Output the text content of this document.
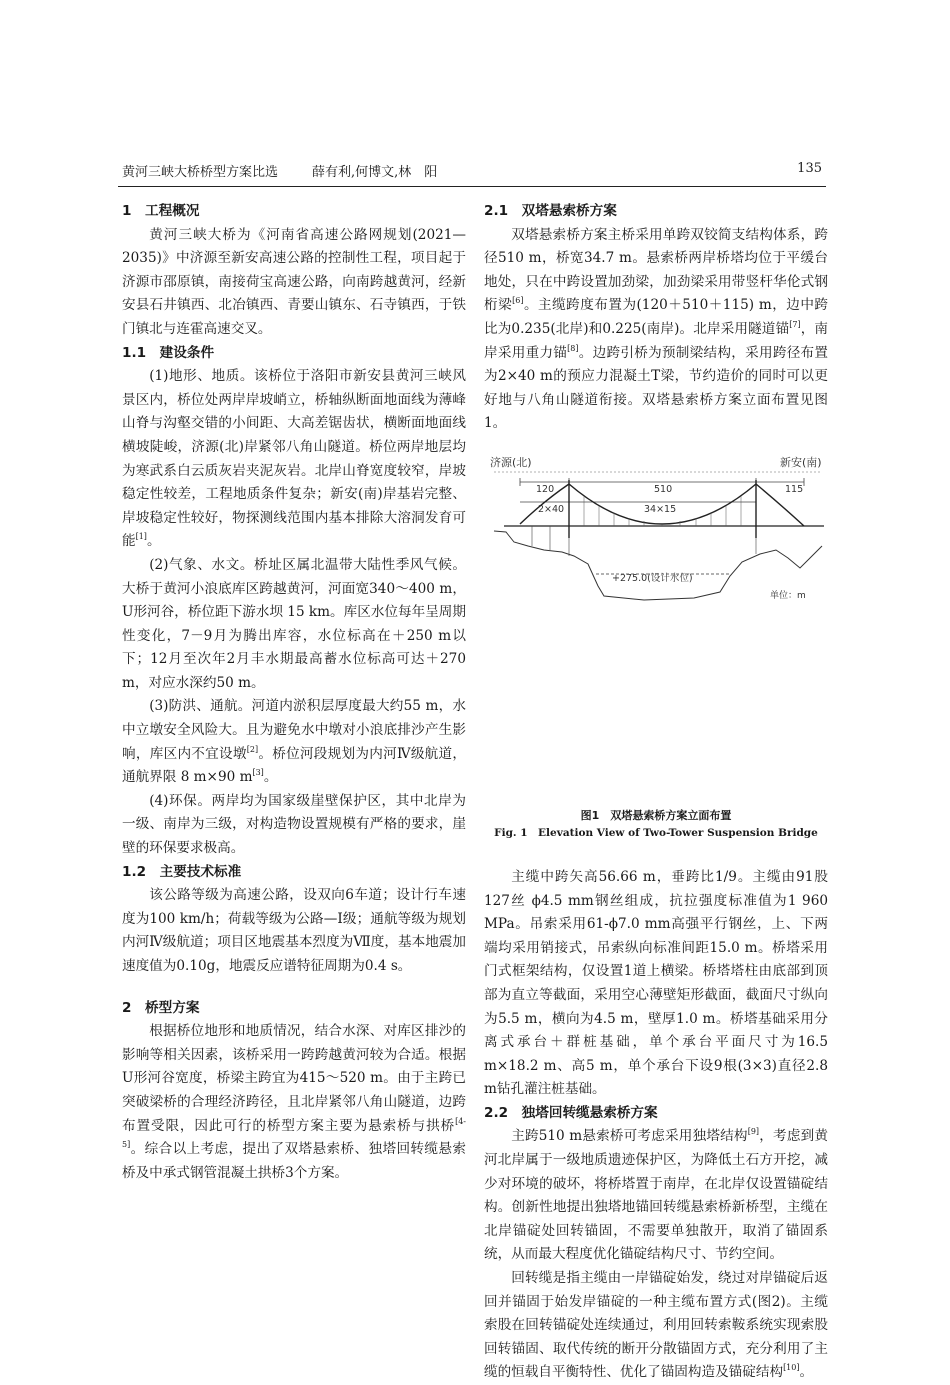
黄河三峡大桥桥型方案比选	薛有利,何博文,林　阳	135
1　工程概况

黄河三峡大桥为《河南省高速公路网规划(2021—2035)》中济源至新安高速公路的控制性工程，项目起于济源市邵原镇，南接荷宝高速公路，向南跨越黄河，经新安县石井镇西、北冶镇西、青要山镇东、石寺镇西，于铁门镇北与连霍高速交叉。

1.1　建设条件

(1)地形、地质。该桥位于洛阳市新安县黄河三峡风景区内，桥位处两岸岸坡峭立，桥轴纵断面地面线为薄峰山脊与沟壑交错的小间距、大高差锯齿状，横断面地面线横坡陡峻，济源(北)岸紧邻八角山隧道。桥位两岸地层均为寒武系白云质灰岩夹泥灰岩。北岸山脊宽度较窄，岸坡稳定性较差，工程地质条件复杂；新安(南)岸基岩完整、岸坡稳定性较好，物探测线范围内基本排除大溶洞发育可能[1]。

(2)气象、水文。桥址区属北温带大陆性季风气候。大桥于黄河小浪底库区跨越黄河，河面宽340～400 m，U形河谷，桥位距下游水坝 15 km。库区水位每年呈周期性变化，7－9月为腾出库容，水位标高在＋250 m以下；12月至次年2月丰水期最高蓄水位标高可达＋270 m，对应水深约50 m。

(3)防洪、通航。河道内淤积层厚度最大约55 m，水中立墩安全风险大。且为避免水中墩对小浪底排沙产生影响，库区内不宜设墩[2]。桥位河段规划为内河Ⅳ级航道，通航界限 8 m×90 m[3]。

(4)环保。两岸均为国家级崖壁保护区，其中北岸为一级、南岸为三级，对构造物设置规模有严格的要求，崖壁的环保要求极高。

1.2　主要技术标准

该公路等级为高速公路，设双向6车道；设计行车速度为100 km/h；荷载等级为公路—Ⅰ级；通航等级为规划内河Ⅳ级航道；项目区地震基本烈度为Ⅶ度，基本地震加速度值为0.10g，地震反应谱特征周期为0.4 s。

2　桥型方案

根据桥位地形和地质情况，结合水深、对库区排沙的影响等相关因素，该桥采用一跨跨越黄河较为合适。根据U形河谷宽度，桥梁主跨宜为415～520 m。由于主跨已突破梁桥的合理经济跨径，且北岸紧邻八角山隧道，边跨布置受限，因此可行的桥型方案主要为悬索桥与拱桥[4-5]。综合以上考虑，提出了双塔悬索桥、独塔回转缆悬索桥及中承式钢管混凝土拱桥3个方案。

2.1　双塔悬索桥方案

双塔悬索桥方案主桥采用单跨双铰简支结构体系，跨径510 m，桥宽34.7 m。悬索桥两岸桥塔均位于平缓台地处，只在中跨设置加劲梁，加劲梁采用带竖杆华伦式钢桁梁[6]。主缆跨度布置为(120＋510＋115) m，边中跨比为0.235(北岸)和0.225(南岸)。北岸采用隧道锚[7]，南岸采用重力锚[8]。边跨引桥为预制梁结构，采用跨径布置为2×40 m的预应力混凝土T梁，节约造价的同时可以更好地与八角山隧道衔接。双塔悬索桥方案立面布置见图1。

济源(北)	新安(南)
120	510	115
2×40	34×15
+275.0(设计水位)
单位：m
图1　双塔悬索桥方案立面布置
Fig. 1　Elevation View of Two-Tower Suspension Bridge

主缆中跨矢高56.66 m，垂跨比1/9。主缆由91股127丝 ϕ4.5 mm钢丝组成，抗拉强度标准值为1 960 MPa。吊索采用61-ϕ7.0 mm高强平行钢丝，上、下两端均采用销接式，吊索纵向标准间距15.0 m。桥塔采用门式框架结构，仅设置1道上横梁。桥塔塔柱由底部到顶部为直立等截面，采用空心薄壁矩形截面，截面尺寸纵向为5.5 m，横向为4.5 m，壁厚1.0 m。桥塔基础采用分离式承台＋群桩基础，单个承台平面尺寸为16.5 m×18.2 m、高5 m，单个承台下设9根(3×3)直径2.8 m钻孔灌注桩基础。

2.2　独塔回转缆悬索桥方案

主跨510 m悬索桥可考虑采用独塔结构[9]，考虑到黄河北岸属于一级地质遗迹保护区，为降低土石方开挖，减少对环境的破坏，将桥塔置于南岸，在北岸仅设置锚碇结构。创新性地提出独塔地锚回转缆悬索桥新桥型，主缆在北岸锚碇处回转锚固，不需要单独散开，取消了锚固系统，从而最大程度优化锚碇结构尺寸、节约空间。

回转缆是指主缆由一岸锚碇始发，绕过对岸锚碇后返回并锚固于始发岸锚碇的一种主缆布置方式(图2)。主缆索股在回转锚碇处连续通过，利用回转索鞍系统实现索股回转锚固、取代传统的断开分散锚固方式，充分利用了主缆的恒载自平衡特性、优化了锚固构造及锚碇结构[10]。
